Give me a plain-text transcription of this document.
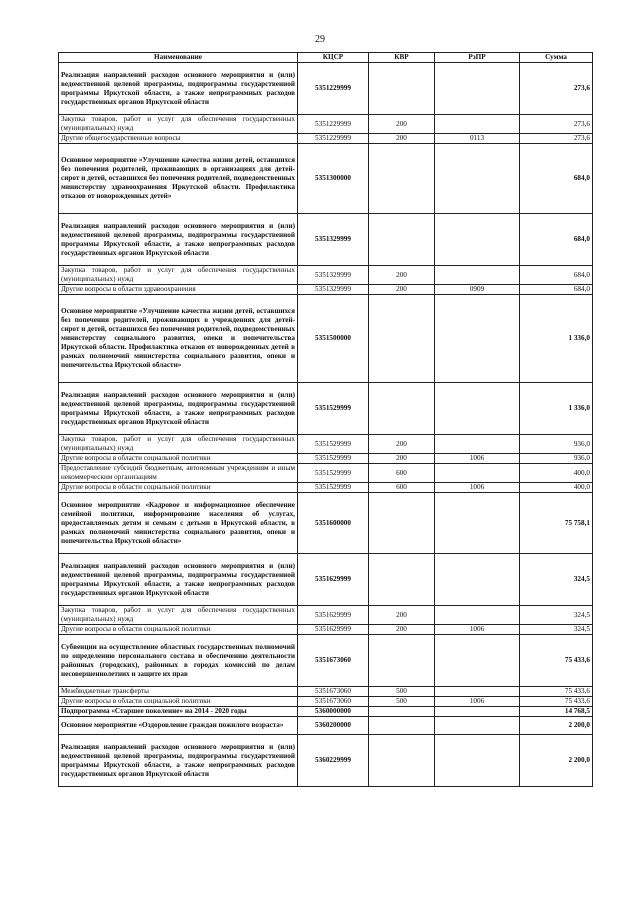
29
Наименование	КЦСР	КВР	РзПР	Сумма
Реализация направлений расходов основного мероприятия и (или) ведомственной целевой программы, подпрограммы государственной программы Иркутской области, а также непрограммных расходов государственных органов Иркутской области	5351229999			273,6
Закупка товаров, работ и услуг для обеспечения государственных (муниципальных) нужд	5351229999	200		273,6
Другие общегосударственные вопросы	5351229999	200	0113	273,6
Основное мероприятие «Улучшение качества жизни детей, оставшихся без попечения родителей, проживающих в организациях для детей-сирот и детей, оставшихся без попечения родителей, подведомственных министерству здравоохранения Иркутской области. Профилактика отказов от новорожденных детей»	5351300000			684,0
Реализация направлений расходов основного мероприятия и (или) ведомственной целевой программы, подпрограммы государственной программы Иркутской области, а также непрограммных расходов государственных органов Иркутской области	5351329999			684,0
Закупка товаров, работ и услуг для обеспечения государственных (муниципальных) нужд	5351329999	200		684,0
Другие вопросы в области здравоохранения	5351329999	200	0909	684,0
Основное мероприятие «Улучшение качества жизни детей, оставшихся без попечения родителей, проживающих в учреждениях для детей-сирот и детей, оставшихся без попечения родителей, подведомственных министерству социального развития, опеки и попечительства Иркутской области. Профилактика отказов от новорожденных детей в рамках полномочий министерства социального развития, опеки и попечительства Иркутской области»	5351500000			1 336,0
Реализация направлений расходов основного мероприятия и (или) ведомственной целевой программы, подпрограммы государственной программы Иркутской области, а также непрограммных расходов государственных органов Иркутской области	5351529999			1 336,0
Закупка товаров, работ и услуг для обеспечения государственных (муниципальных) нужд	5351529999	200		936,0
Другие вопросы в области социальной политики	5351529999	200	1006	936,0
Предоставление субсидий бюджетным, автономным учреждениям и иным некоммерческим организациям	5351529999	600		400,0
Другие вопросы в области социальной политики	5351529999	600	1006	400,0
Основное мероприятие «Кадровое и информационное обеспечение семейной политики, информирование населения об услугах, предоставляемых детям и семьям с детьми в Иркутской области, в рамках полномочий министерства социального развития, опеки и попечительства Иркутской области»	5351600000			75 758,1
Реализация направлений расходов основного мероприятия и (или) ведомственной целевой программы, подпрограммы государственной программы Иркутской области, а также непрограммных расходов государственных органов Иркутской области	5351629999			324,5
Закупка товаров, работ и услуг для обеспечения государственных (муниципальных) нужд	5351629999	200		324,5
Другие вопросы в области социальной политики	5351629999	200	1006	324,5
Субвенции на осуществление областных государственных полномочий по определению персонального состава и обеспечению деятельности районных (городских), районных в городах комиссий по делам несовершеннолетних и защите их прав	5351673060			75 433,6
Межбюджетные трансферты	5351673060	500		75 433,6
Другие вопросы в области социальной политики	5351673060	500	1006	75 433,6
Подпрограмма «Старшее поколение» на 2014 - 2020 годы	5360000000			14 768,5
Основное мероприятие «Оздоровление граждан пожилого возраста»	5360200000			2 200,0
Реализация направлений расходов основного мероприятия и (или) ведомственной целевой программы, подпрограммы государственной программы Иркутской области, а также непрограммных расходов государственных органов Иркутской области	5360229999			2 200,0
